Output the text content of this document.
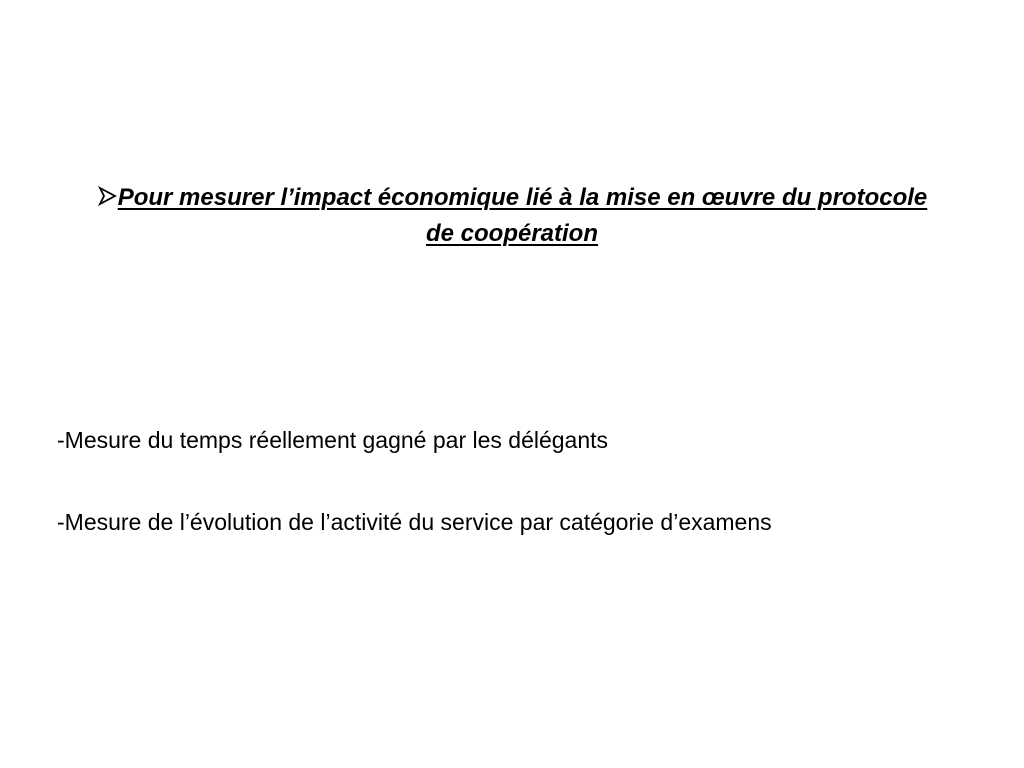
Pour mesurer l’impact économique lié à la mise en œuvre du protocole de coopération
-Mesure du temps réellement gagné par les délégants
-Mesure de l’évolution de l’activité du service par catégorie d’examens
